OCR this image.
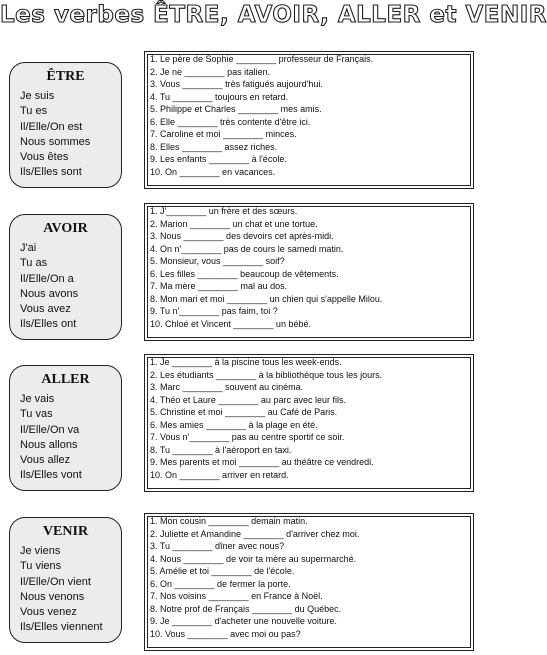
Les verbes ÊTRE, AVOIR, ALLER et VENIR
ÊTRE
Je suis
Tu es
Il/Elle/On est
Nous sommes
Vous êtes
Ils/Elles sont
1. Le père de Sophie ________ professeur de Français.
2. Je ne ________ pas italien.
3. Vous ________ très fatigués aujourd'hui.
4. Tu ________ toujours en retard.
5. Philippe et Charles ________ mes amis.
6. Elle ________ très contente d'être ici.
7. Caroline et moi ________ minces.
8. Elles ________ assez riches.
9. Les enfants ________ à l'école.
10. On ________ en vacances.
AVOIR
J'ai
Tu as
Il/Elle/On a
Nous avons
Vous avez
Ils/Elles ont
1. J'________ un frère et des sœurs.
2. Marion ________ un chat et une tortue.
3. Nous ________ des devoirs cet après-midi.
4. On n'________ pas de cours le samedi matin.
5. Monsieur, vous ________ soif?
6. Les filles ________ beaucoup de vêtements.
7. Ma mère ________ mal au dos.
8. Mon mari et moi ________ un chien qui s'appelle Milou.
9. Tu n'________ pas faim, toi ?
10. Chloé et Vincent ________ un bébé.
ALLER
Je vais
Tu vas
Il/Elle/On va
Nous allons
Vous allez
Ils/Elles vont
1. Je ________ à la piscine tous les week-ends.
2. Les étudiants ________ à la bibliothèque tous les jours.
3. Marc ________ souvent au cinéma.
4. Théo et Laure ________ au parc avec leur fils.
5. Christine et moi ________ au Café de Paris.
6. Mes amies ________ à la plage en été.
7. Vous n'________ pas au centre sportif ce soir.
8. Tu ________ à l'aéroport en taxi.
9. Mes parents et moi ________ au théâtre ce vendredi.
10. On ________ arriver en retard.
VENIR
Je viens
Tu viens
Il/Elle/On vient
Nous venons
Vous venez
Ils/Elles viennent
1. Mon cousin ________ demain matin.
2. Juliette et Amandine ________ d'arriver chez moi.
3. Tu ________ dîner avec nous?
4. Nous ________ de voir ta mère au supermarché.
5. Amélie et toi ________ de l'école.
6. On ________ de fermer la porte.
7. Nos voisins ________ en France à Noël.
8. Notre prof de Français ________ du Québec.
9. Je ________ d'acheter une nouvelle voiture.
10. Vous ________ avec moi ou pas?
